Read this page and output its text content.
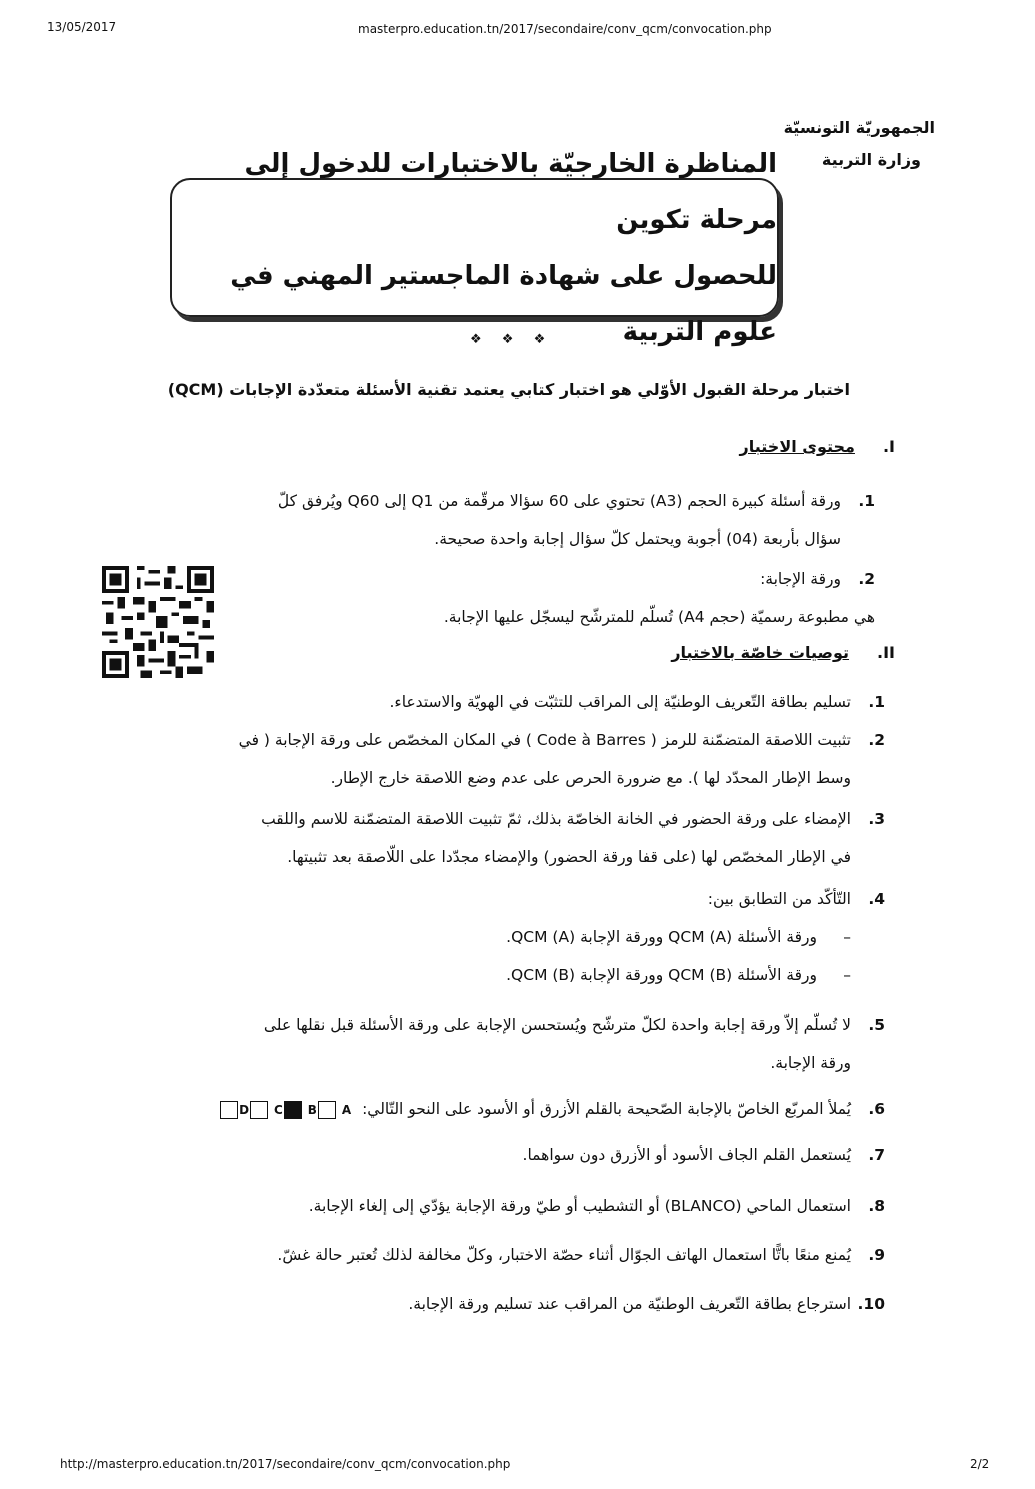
13/05/2017	masterpro.education.tn/2017/secondaire/conv_qcm/convocation.php
الجمهوريّة التونسيّة
وزارة التربية
المناظرة الخارجيّة بالاختبارات للدخول إلى مرحلة تكوين
للحصول على شهادة الماجستير المهني في علوم التربية
❖ ❖ ❖
اختبار مرحلة القبول الأوّلي هو اختبار كتابي يعتمد تقنية الأسئلة متعدّدة الإجابات (QCM)
I.محتوى الاختبار
1.ورقة أسئلة كبيرة الحجم (A3) تحتوي على 60 سؤالا مرقّمة من Q1 إلى Q60 ويُرفق كلّ
سؤال بأربعة (04) أجوبة ويحتمل كلّ سؤال إجابة واحدة صحيحة.
2.ورقة الإجابة:
هي مطبوعة رسميّة (حجم A4) تُسلّم للمترشّح ليسجّل عليها الإجابة.
II.توصيات خاصّة بالاختبار
1.تسليم بطاقة التّعريف الوطنيّة إلى المراقب للتثبّت في الهويّة والاستدعاء.
2.تثبيت اللاصقة المتضمّنة للرمز ( Code à Barres ) في المكان المخصّص على ورقة الإجابة ( في
وسط الإطار المحدّد لها ). مع ضرورة الحرص على عدم وضع اللاصقة خارج الإطار.
3.الإمضاء على ورقة الحضور في الخانة الخاصّة بذلك، ثمّ تثبيت اللاصقة المتضمّنة للاسم واللقب
في الإطار المخصّص لها (على قفا ورقة الحضور) والإمضاء مجدّدا على اللّاصقة بعد تثبيتها.
4.التّأكّد من التطابق بين:
–ورقة الأسئلة QCM (A) وورقة الإجابة QCM (A).
–ورقة الأسئلة QCM (B) وورقة الإجابة QCM (B).
5.لا تُسلّم إلاّ ورقة إجابة واحدة لكلّ مترشّح ويُستحسن الإجابة على ورقة الأسئلة قبل نقلها على
ورقة الإجابة.
6.يُملأ المربّع الخاصّ بالإجابة الصّحيحة بالقلم الأزرق أو الأسود على النحو التّالي: D C B A
7.يُستعمل القلم الجاف الأسود أو الأزرق دون سواهما.
8.استعمال الماحي (BLANCO) أو التشطيب أو طيّ ورقة الإجابة يؤدّي إلى إلغاء الإجابة.
9.يُمنع منعًا باتًّا استعمال الهاتف الجوّال أثناء حصّة الاختبار، وكلّ مخالفة لذلك تُعتبر حالة غشّ.
10.استرجاع بطاقة التّعريف الوطنيّة من المراقب عند تسليم ورقة الإجابة.
http://masterpro.education.tn/2017/secondaire/conv_qcm/convocation.php	2/2
